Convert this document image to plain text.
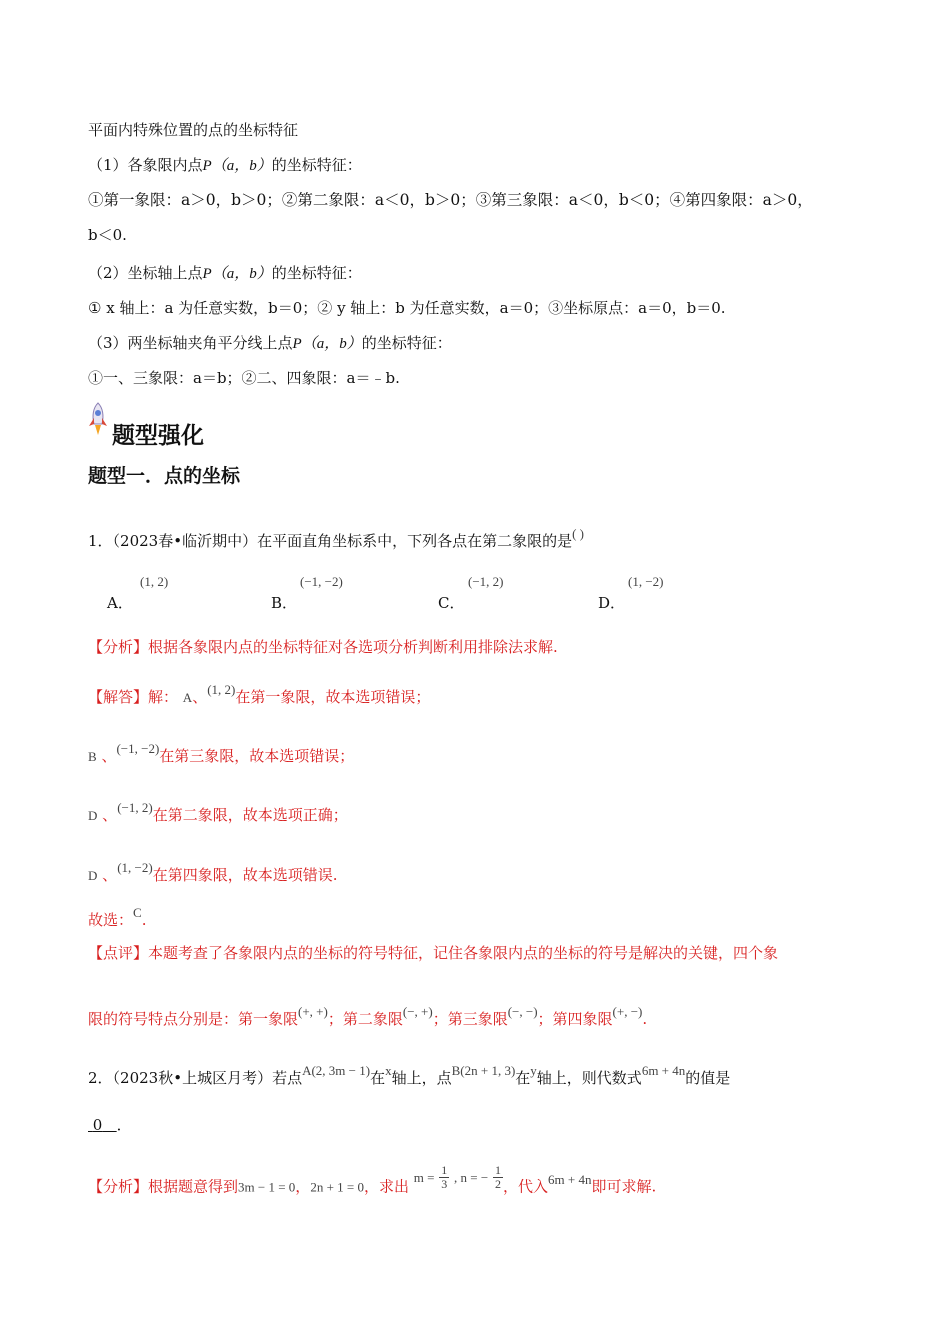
平面内特殊位置的点的坐标特征
（1）各象限内点P（a，b）的坐标特征：
①第一象限：a＞0，b＞0；②第二象限：a＜0，b＞0；③第三象限：a＜0，b＜0；④第四象限：a＞0，
b＜0.
（2）坐标轴上点P（a，b）的坐标特征：
① x 轴上：a 为任意实数，b＝0；② y 轴上：b 为任意实数，a＝0；③坐标原点：a＝0，b＝0.
（3）两坐标轴夹角平分线上点P（a，b）的坐标特征：
①一、三象限：a＝b；②二、四象限：a＝﹣b.
题型强化
题型一．点的坐标
1．（2023春•临沂期中）在平面直角坐标系中，下列各点在第二象限的是( )
A．
(1, 2)
B．
(−1, −2)
C．
(−1, 2)
D．
(1, −2)
【分析】根据各象限内点的坐标特征对各选项分析判断利用排除法求解.
【解答】解： A、(1, 2)在第一象限，故本选项错误；
B 、(−1, −2)在第三象限，故本选项错误；
D 、(−1, 2)在第二象限，故本选项正确；
D 、(1, −2)在第四象限，故本选项错误.
故选：C.
【点评】本题考查了各象限内点的坐标的符号特征，记住各象限内点的坐标的符号是解决的关键，四个象
限的符号特点分别是：第一象限(+, +)；第二象限(−, +)；第三象限(−, −)；第四象限(+, −).
2．（2023秋•上城区月考）若点A(2, 3m − 1)在x轴上，点B(2n + 1, 3)在y轴上，则代数式6m + 4n的值是
0 ．
【分析】根据题意得到3m − 1 = 0，2n + 1 = 0，求出 $m = \frac{1}{3}$ , n = − $\frac{1}{2}$ ，代入6m + 4n即可求解.
